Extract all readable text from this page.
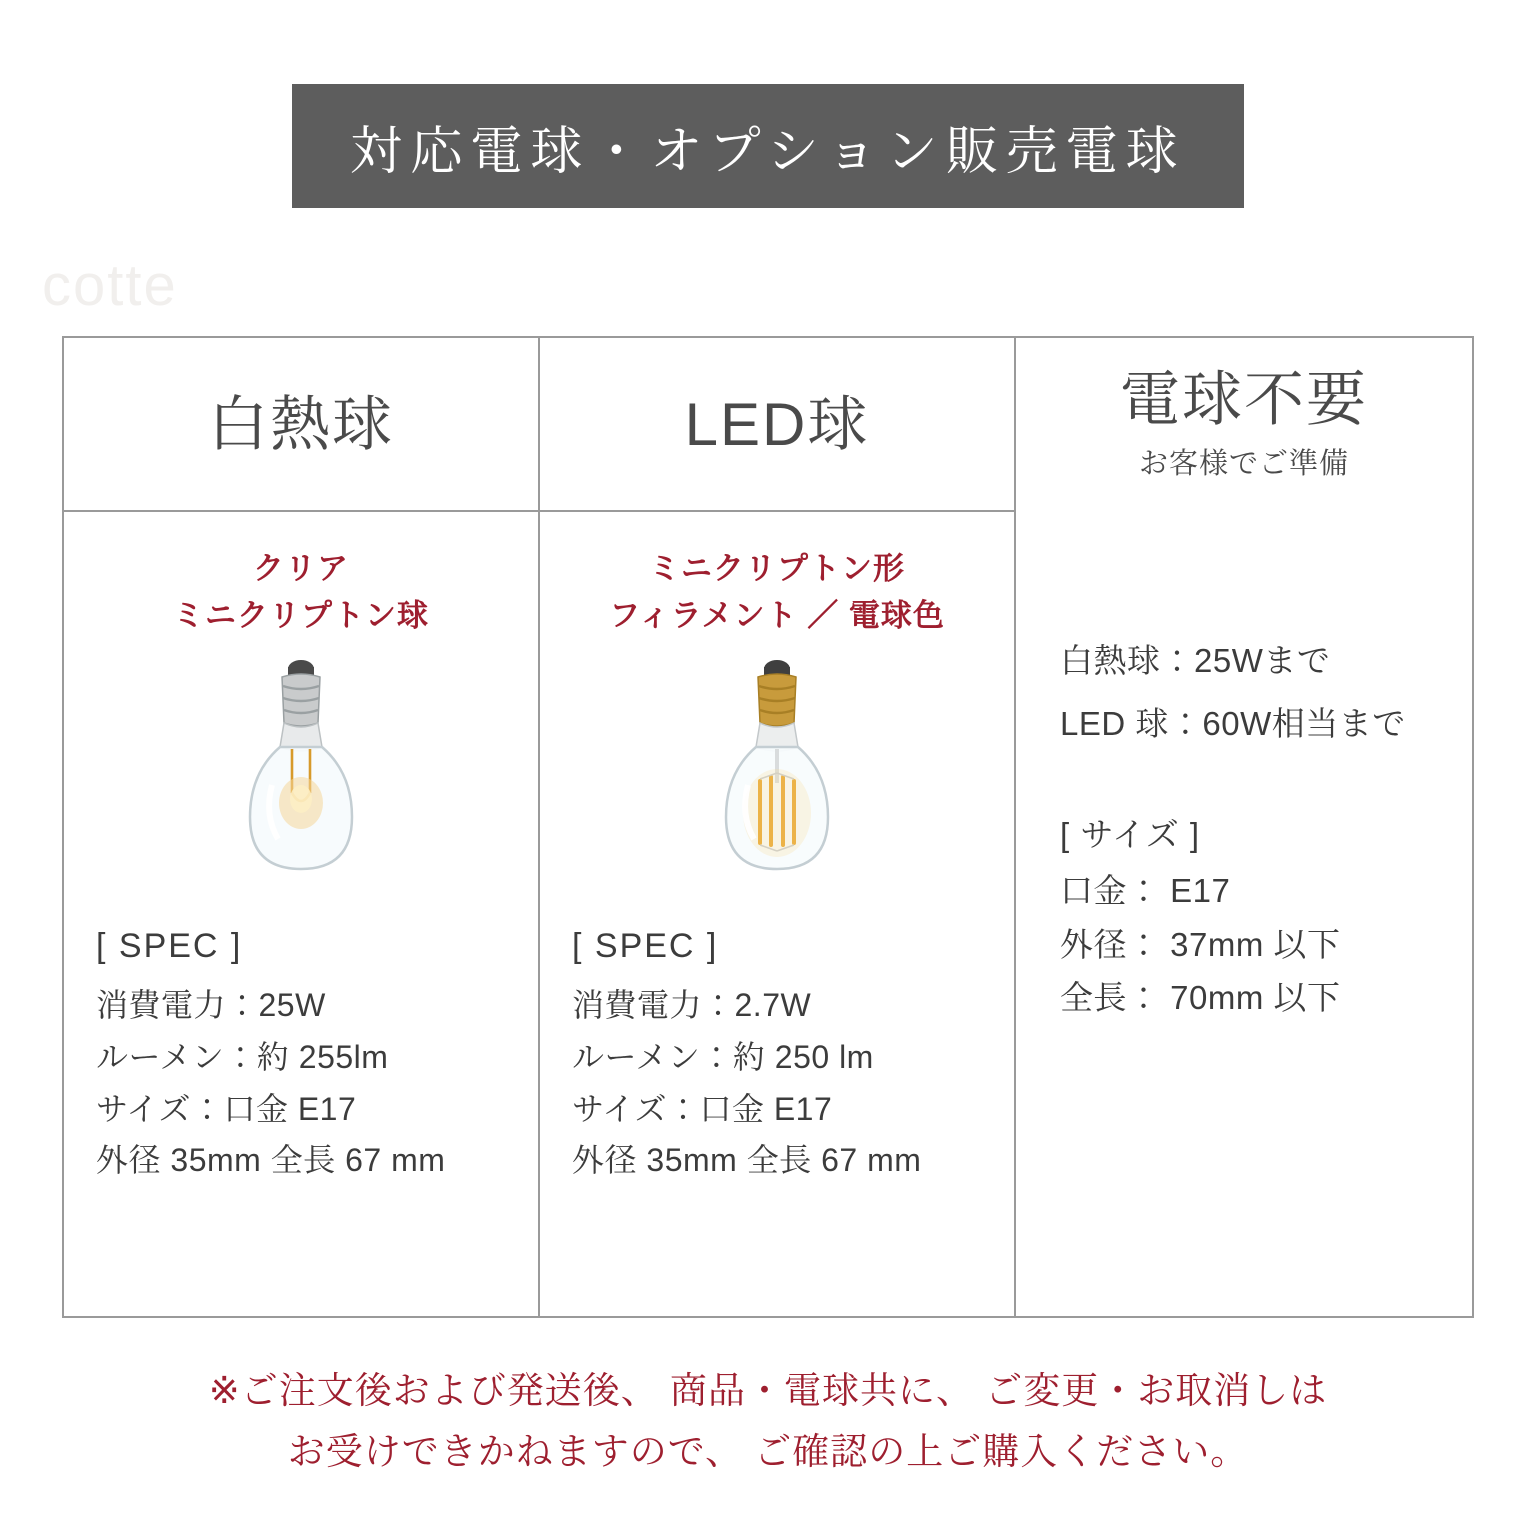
対応電球・オプション販売電球
cotte
白熱球
クリア
ミニクリプトン球
[ SPEC ]
消費電力：25W
ルーメン：約 255lm
サイズ：口金 E17
外径 35mm 全長 67 mm
LED球
ミニクリプトン形
フィラメント ／ 電球色
[ SPEC ]
消費電力：2.7W
ルーメン：約 250 lm
サイズ：口金 E17
外径 35mm 全長 67 mm
電球不要
お客様でご準備
白熱球：25Wまで
LED 球：60W相当まで
[ サイズ ]
口金： E17
外径： 37mm 以下
全長： 70mm 以下
※ご注文後および発送後、 商品・電球共に、 ご変更・お取消しは
お受けできかねますので、 ご確認の上ご購入ください。
